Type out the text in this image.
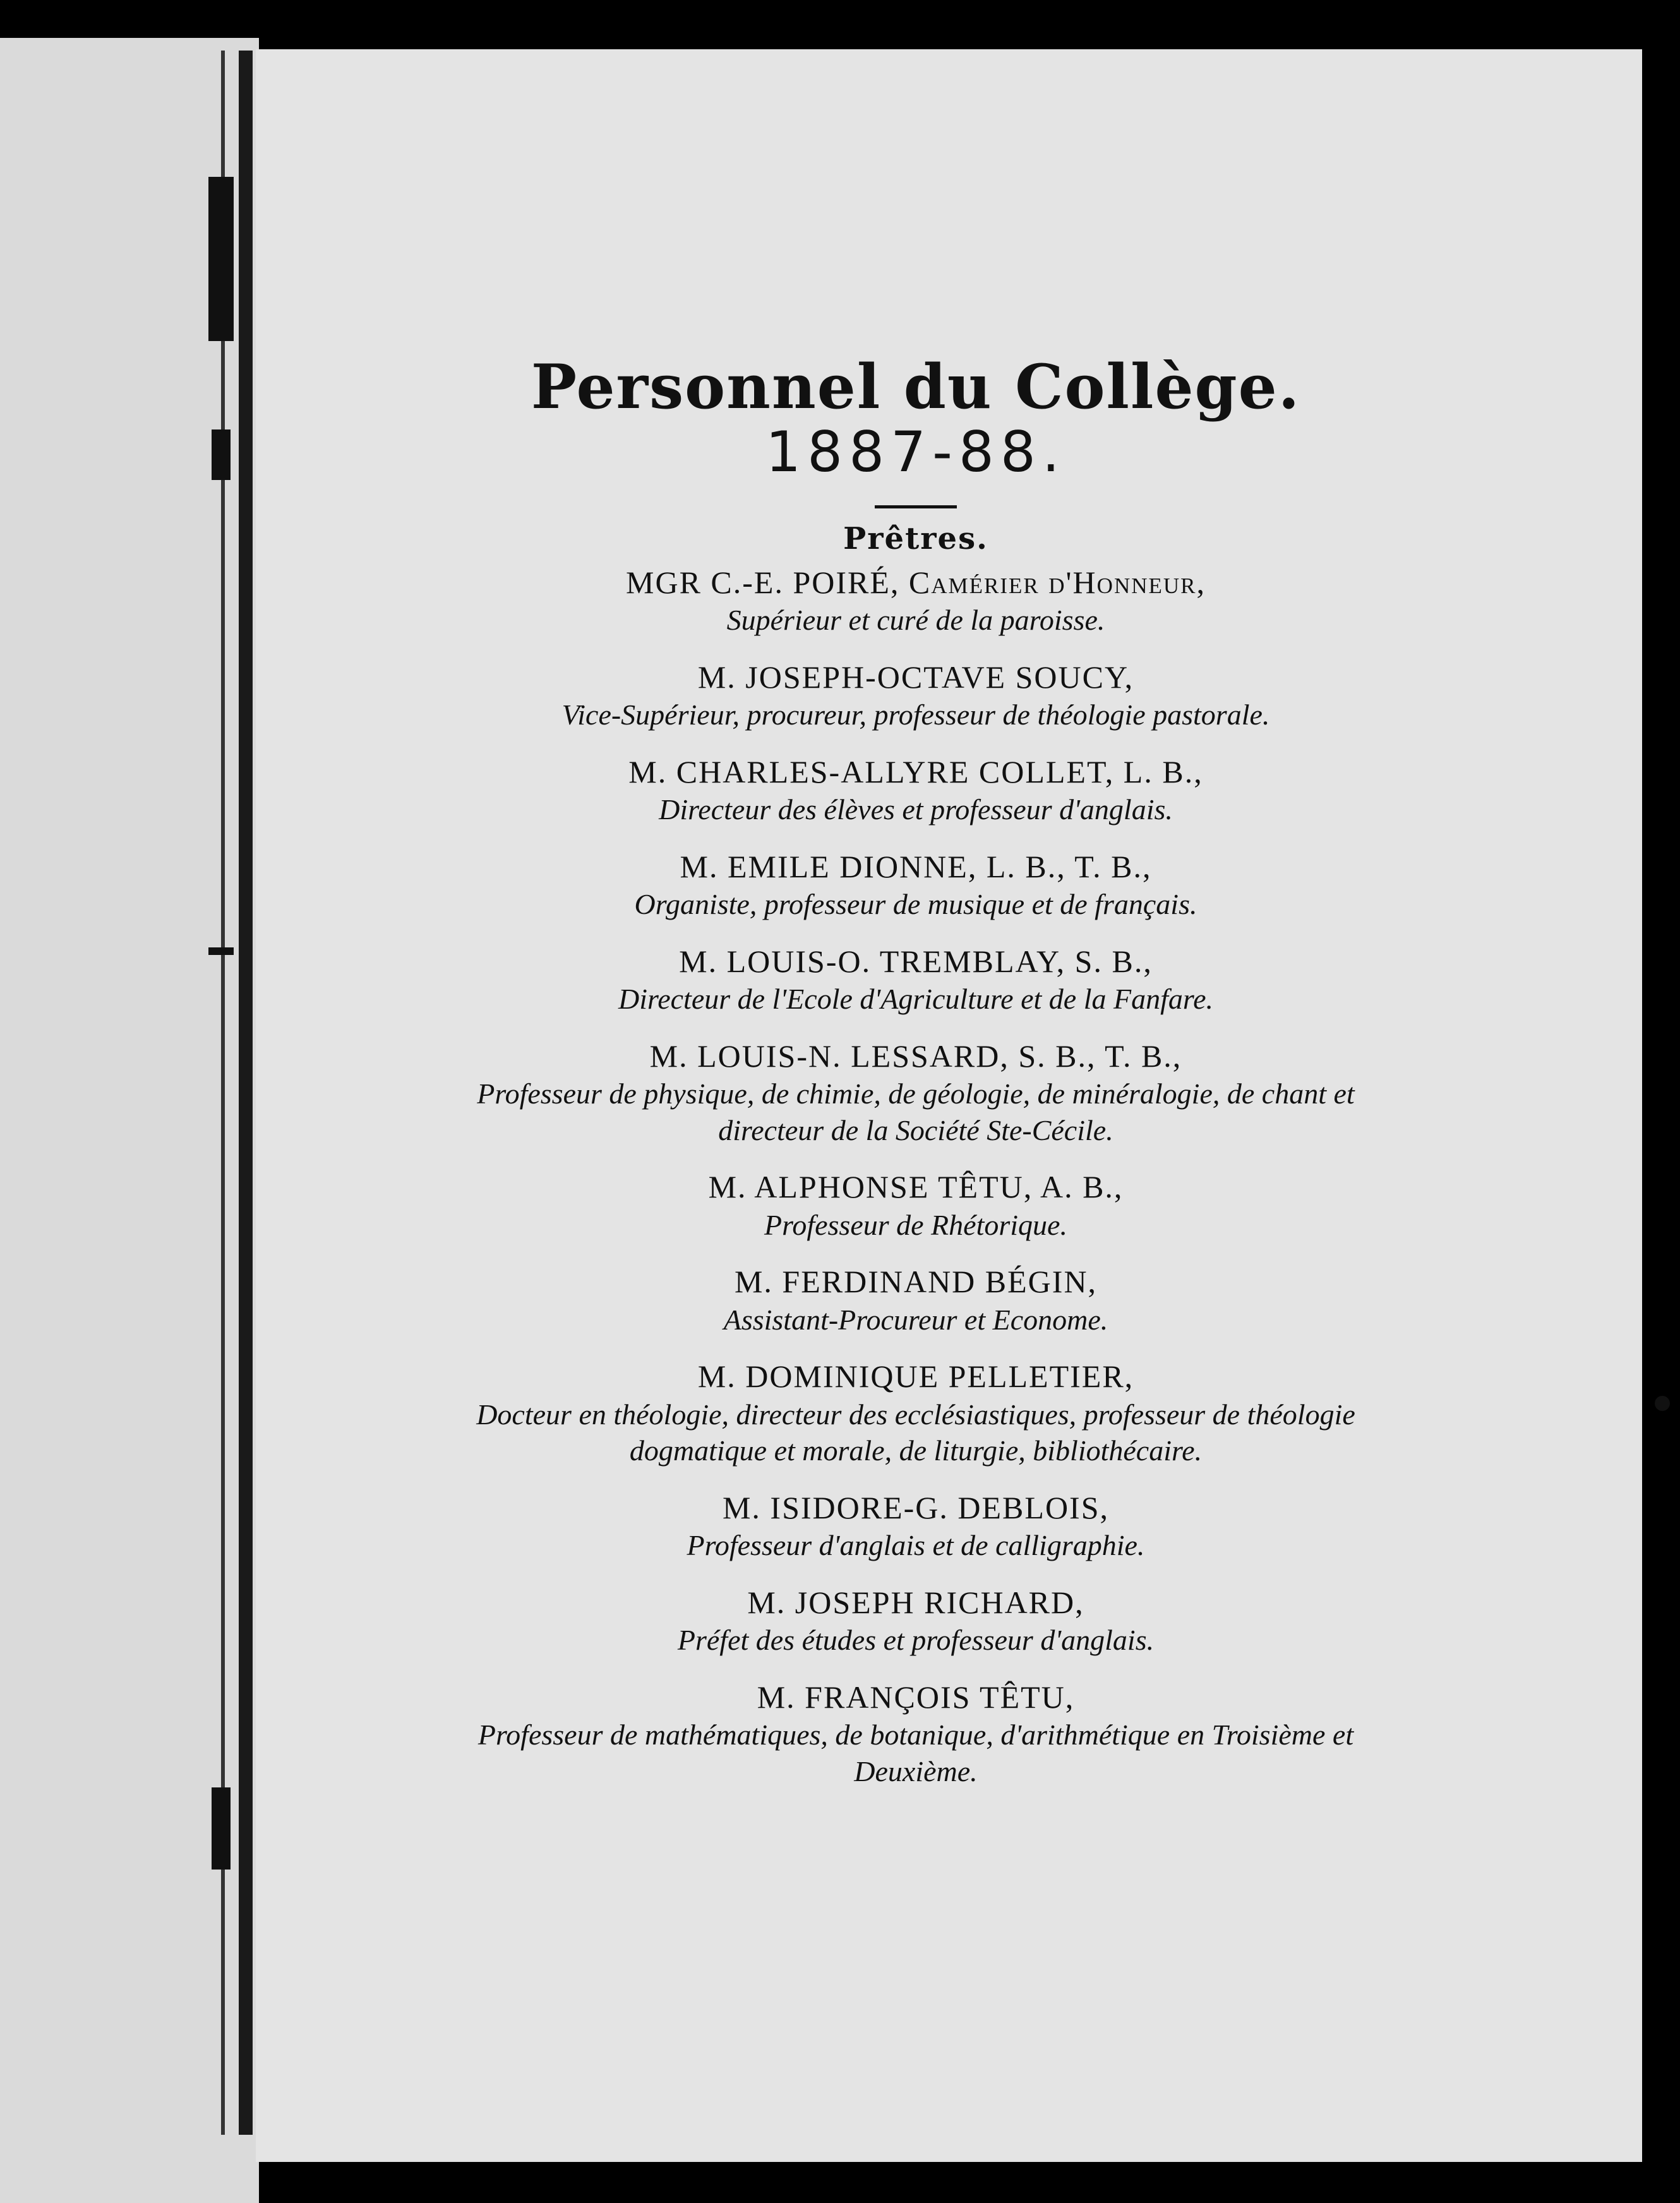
Personnel du Collège.
1887-88.
Prêtres.
MGR C.-E. POIRÉ, Camérier d'Honneur,
Supérieur et curé de la paroisse.
M. JOSEPH-OCTAVE SOUCY,
Vice-Supérieur, procureur, professeur de théologie pastorale.
M. CHARLES-ALLYRE COLLET, L. B.,
Directeur des élèves et professeur d'anglais.
M. EMILE DIONNE, L. B., T. B.,
Organiste, professeur de musique et de français.
M. LOUIS-O. TREMBLAY, S. B.,
Directeur de l'Ecole d'Agriculture et de la Fanfare.
M. LOUIS-N. LESSARD, S. B., T. B.,
Professeur de physique, de chimie, de géologie, de minéralogie, de chant et directeur de la Société Ste-Cécile.
M. ALPHONSE TÊTU, A. B.,
Professeur de Rhétorique.
M. FERDINAND BÉGIN,
Assistant-Procureur et Econome.
M. DOMINIQUE PELLETIER,
Docteur en théologie, directeur des ecclésiastiques, professeur de théologie dogmatique et morale, de liturgie, bibliothécaire.
M. ISIDORE-G. DEBLOIS,
Professeur d'anglais et de calligraphie.
M. JOSEPH RICHARD,
Préfet des études et professeur d'anglais.
M. FRANÇOIS TÊTU,
Professeur de mathématiques, de botanique, d'arithmétique en Troisième et Deuxième.
